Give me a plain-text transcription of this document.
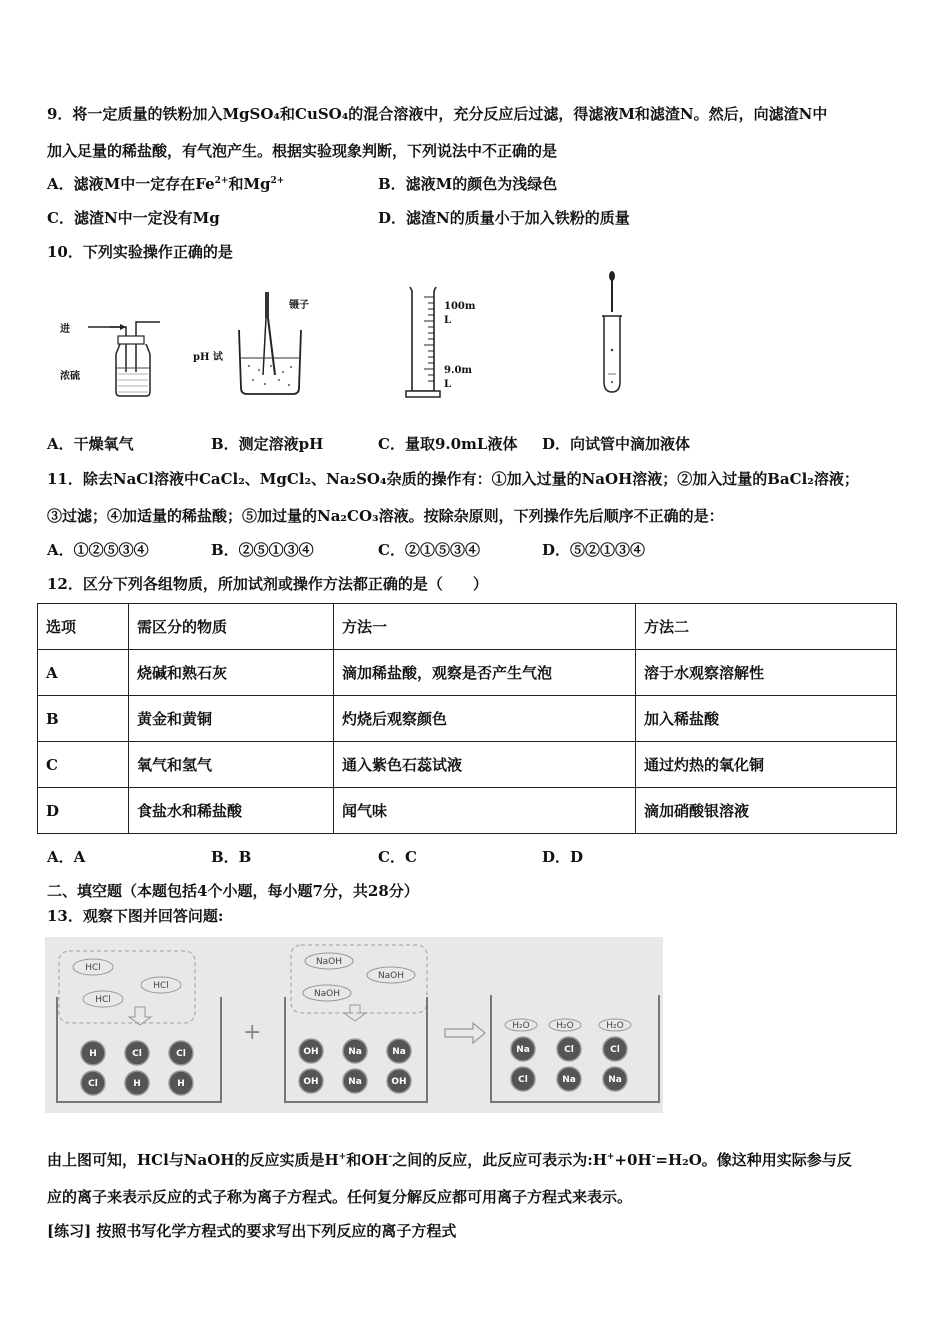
9．将一定质量的铁粉加入MgSO₄和CuSO₄的混合溶液中，充分反应后过滤，得滤液M和滤渣N。然后，向滤渣N中
加入足量的稀盐酸，有气泡产生。根据实验现象判断，下列说法中不正确的是
A．滤液M中一定存在$Fe^{2+}$和$Mg^{2+}$	B．滤液M的颜色为浅绿色
C．滤渣N中一定没有Mg	D．滤渣N的质量小于加入铁粉的质量
10．下列实验操作正确的是
进
浓硫
镊子
pH 试
100m
L
9.0m
L
A．干燥氧气	B．测定溶液pH	C．量取9.0mL液体 D．向试管中滴加液体
11．除去NaCl溶液中CaCl₂、MgCl₂、Na₂SO₄杂质的操作有：①加入过量的NaOH溶液；②加入过量的BaCl₂溶液；
③过滤；④加适量的稀盐酸；⑤加过量的Na₂CO₃溶液。按除杂原则，下列操作先后顺序不正确的是：
A．①②⑤③④	B．②⑤①③④	C．②①⑤③④	D．⑤②①③④
12．区分下列各组物质，所加试剂或操作方法都正确的是（　　）
选项	需区分的物质	方法一	方法二
A	烧碱和熟石灰	滴加稀盐酸，观察是否产生气泡	溶于水观察溶解性
B	黄金和黄铜	灼烧后观察颜色	加入稀盐酸
C	氧气和氢气	通入紫色石蕊试液	通过灼热的氧化铜
D	食盐水和稀盐酸	闻气味	滴加硝酸银溶液
A．A	B．B	C．C	D．D
二、填空题（本题包括4个小题，每小题7分，共28分）
13．观察下图并回答问题:
HCl
HCl
HCl
+
NaOH
NaOH
NaOH
H₂O	H₂O	H₂O
H	Cl	Cl
Cl	H	H
OH	Na	Na
OH	Na	OH
Na	Cl	Cl
Cl	Na	Na
由上图可知，HCl与NaOH的反应实质是H+和OH-之间的反应，此反应可表示为:H++0H-=H₂O。像这种用实际参与反
应的离子来表示反应的式子称为离子方程式。任何复分解反应都可用离子方程式来表示。
[练习] 按照书写化学方程式的要求写出下列反应的离子方程式
